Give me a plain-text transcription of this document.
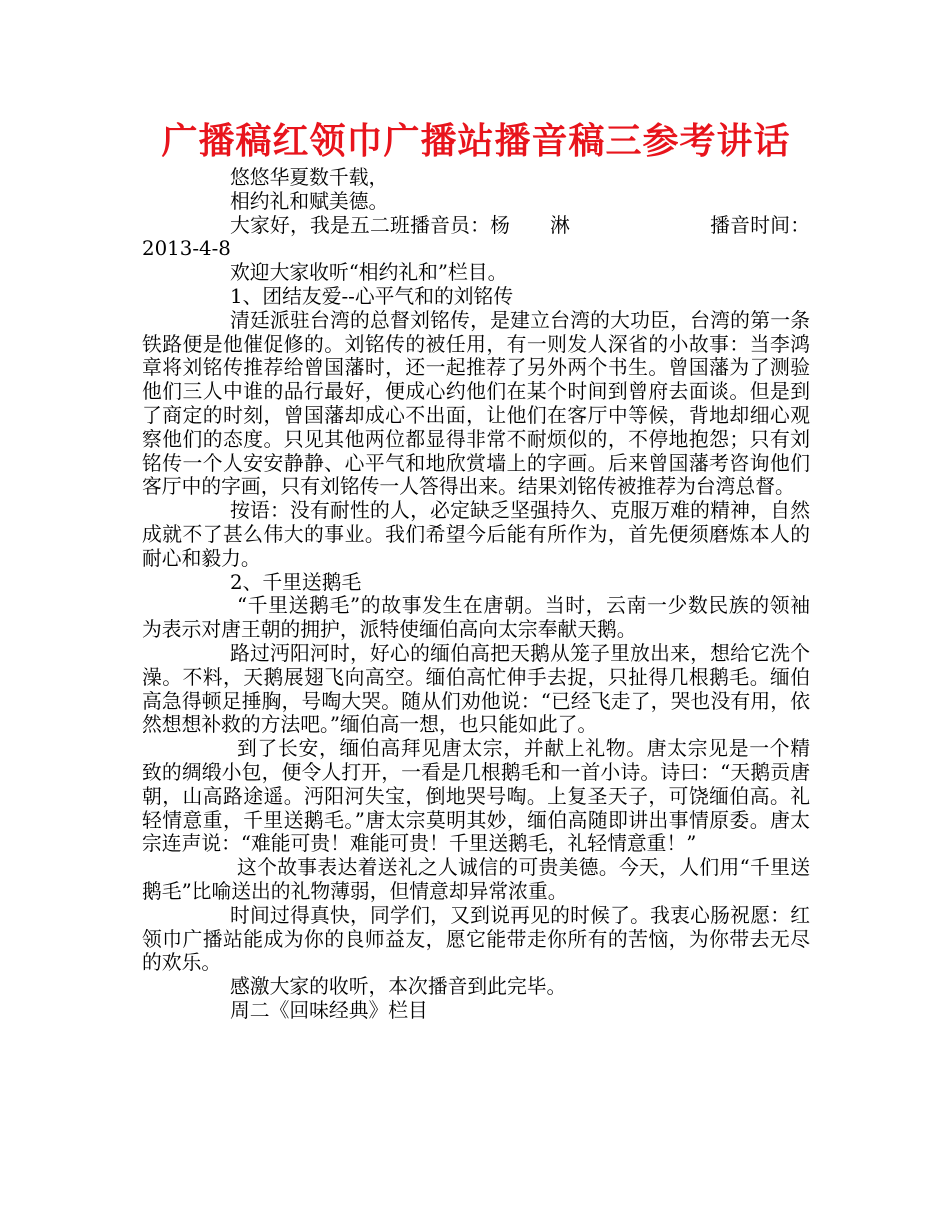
广播稿红领巾广播站播音稿三参考讲话

悠悠华夏数千载，

相约礼和赋美德。

大家好，我是五二班播音员：杨　　淋　　　　　　　播音时间：2013-4-8

欢迎大家收听“相约礼和”栏目。

1、团结友爱--心平气和的刘铭传

清廷派驻台湾的总督刘铭传，是建立台湾的大功臣，台湾的第一条铁路便是他催促修的。刘铭传的被任用，有一则发人深省的小故事：当李鸿章将刘铭传推荐给曾国藩时，还一起推荐了另外两个书生。曾国藩为了测验他们三人中谁的品行最好，便成心约他们在某个时间到曾府去面谈。但是到了商定的时刻，曾国藩却成心不出面，让他们在客厅中等候，背地却细心观察他们的态度。只见其他两位都显得非常不耐烦似的，不停地抱怨；只有刘铭传一个人安安静静、心平气和地欣赏墙上的字画。后来曾国藩考咨询他们客厅中的字画，只有刘铭传一人答得出来。结果刘铭传被推荐为台湾总督。

按语：没有耐性的人，必定缺乏坚强持久、克服万难的精神，自然成就不了甚么伟大的事业。我们希望今后能有所作为，首先便须磨炼本人的耐心和毅力。

2、千里送鹅毛

“千里送鹅毛”的故事发生在唐朝。当时，云南一少数民族的领袖为表示对唐王朝的拥护，派特使缅伯高向太宗奉献天鹅。

路过沔阳河时，好心的缅伯高把天鹅从笼子里放出来，想给它洗个澡。不料，天鹅展翅飞向高空。缅伯高忙伸手去捉，只扯得几根鹅毛。缅伯高急得顿足捶胸，号啕大哭。随从们劝他说：“已经飞走了，哭也没有用，依然想想补救的方法吧。”缅伯高一想，也只能如此了。

到了长安，缅伯高拜见唐太宗，并献上礼物。唐太宗见是一个精致的绸缎小包，便令人打开，一看是几根鹅毛和一首小诗。诗曰：“天鹅贡唐朝，山高路途遥。沔阳河失宝，倒地哭号啕。上复圣天子，可饶缅伯高。礼轻情意重，千里送鹅毛。”唐太宗莫明其妙，缅伯高随即讲出事情原委。唐太宗连声说：“难能可贵！难能可贵！千里送鹅毛，礼轻情意重！”

这个故事表达着送礼之人诚信的可贵美德。今天，人们用“千里送鹅毛”比喻送出的礼物薄弱，但情意却异常浓重。

时间过得真快，同学们，又到说再见的时候了。我衷心肠祝愿：红领巾广播站能成为你的良师益友，愿它能带走你所有的苦恼，为你带去无尽的欢乐。

感激大家的收听，本次播音到此完毕。

周二《回味经典》栏目
